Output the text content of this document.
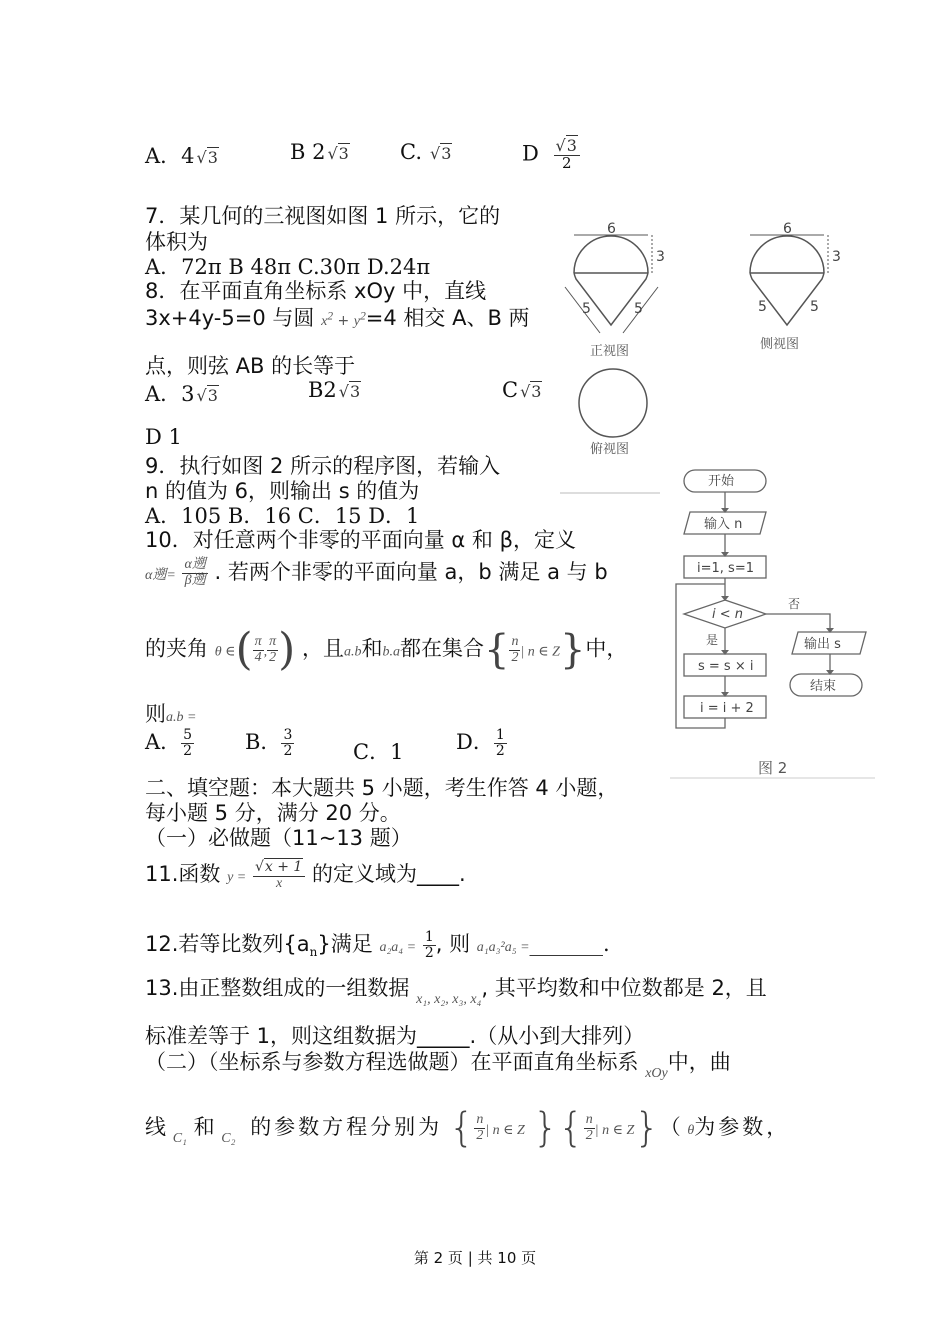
A．4 √3	B 2 √3 C. √3	D $\frac{√3}{2}$
7．某几何的三视图如图 1 所示，它的
体积为
A．72π B 48π C.30π D.24π
8．在平面直角坐标系 xOy 中，直线
3x+4y-5=0 与圆 $x^2 + y^2=4$ 相交 A、B 两
点，则弦 AB 的长等于
A．3 √3	B2 √3	C √3
D 1
9．执行如图 2 所示的程序图，若输入
n 的值为 6，则输出 s 的值为
A．105 B．16 C．15 D．1
10．对任意两个非零的平面向量 α 和 β，定义
α遡= $\frac{\text{α遡}}{\text{β遡}}$ . 若两个非零的平面向量 a，b 满足 a 与 b
的夹角 θ ∈( $\frac{\pi}{4}$ , $\frac{\pi}{2}$ ) ，且a.b和b.a都在集合{ $\frac{n}{2}$ | n ∈ Z}中，
则a.b =
A． $\frac{5}{2}$ B． $\frac{3}{2}$	C．1	D． $\frac{1}{2}$
二、填空题：本大题共 5 小题，考生作答 4 小题，
每小题 5 分，满分 20 分。
（一）必做题（11~13 题）
11.函数 $y = \frac{√x + 1}{x}$ 的定义域为____.
12.若等比数列$\{a_n\}$满足 $a_2a_4 = \frac{1}{2}$ , 则 a₁a₃²a₅ =_______.
13.由正整数组成的一组数据 $_{x_1, x_2, x_3, x_4}$, 其平均数和中位数都是 2，且
标准差等于 1，则这组数据为_____.（从小到大排列）
（二）（坐标系与参数方程选做题）在平面直角坐标系 $_{xOy}$中，曲
线 $_{C_1}$ 和 $_{C_2}$ 的参数方程分别为 { $\frac{n}{2}$ | n ∈ Z }{ $\frac{n}{2}$ | n ∈ Z}（ θ为参数，
6	6
3	3
5	5	5	5
正视图	侧视图
俯视图
开始
输入 n
i=1, s=1
i < n
是
否
s = s × i
i = i + 2
输出 s
结束
图 2
第 2 页 | 共 10 页
